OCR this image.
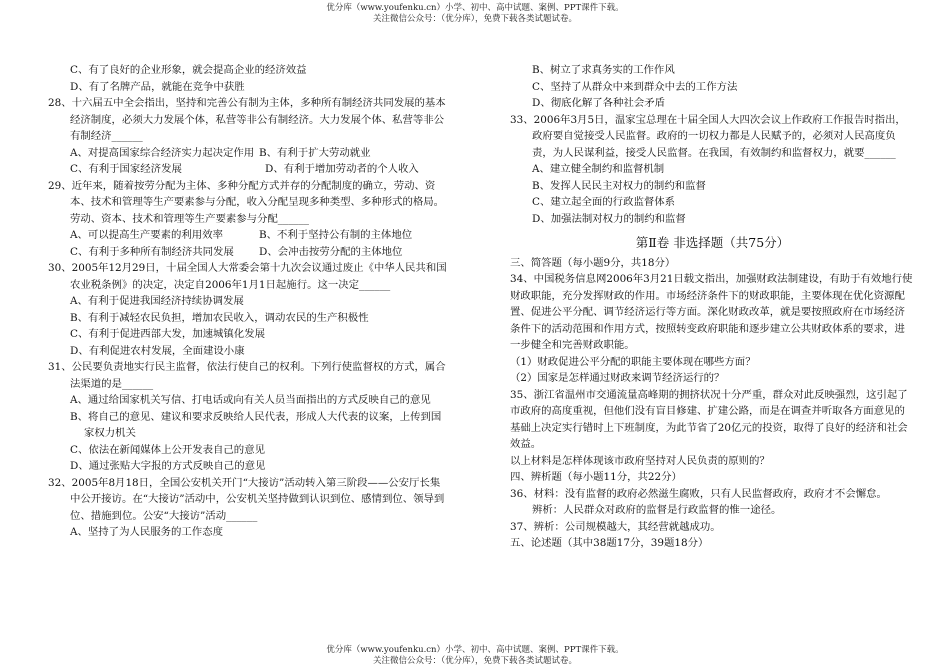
优分库（www.youfenku.cn）小学、初中、高中试题、案例、PPT课件下载。
关注微信公众号：（优分库），免费下载各类试题试卷。

C、有了良好的企业形象，就会提高企业的经济效益

D、有了名牌产品，就能在竞争中获胜

28、十六届五中全会指出，坚持和完善公有制为主体，多种所有制经济共同发展的基本经济制度，必须大力发展个体，私营等非公有制经济。大力发展个体、私营等非公有制经济______

A、对提高国家综合经济实力起决定作用 B、有利于扩大劳动就业
C、有利于国家经济发展	D、有利于增加劳动者的个人收入

29、近年来，随着按劳分配为主体、多种分配方式并存的分配制度的确立，劳动、资本、技术和管理等生产要素参与分配，收入分配呈现多种类型、多种形式的格局。劳动、资本、技术和管理等生产要素参与分配______

A、可以提高生产要素的利用效率	B、不利于坚持公有制的主体地位
C、有利于多种所有制经济共同发展	D、会冲击按劳分配的主体地位

30、2005年12月29日，十届全国人大常委会第十九次会议通过废止《中华人民共和国农业税条例》的决定，决定自2006年1月1日起施行。这一决定______

A、有利于促进我国经济持续协调发展

B、有利于减轻农民负担，增加农民收入，调动农民的生产积极性

C、有利于促进西部大发，加速城镇化发展

D、有利促进农村发展，全面建设小康

31、公民要负责地实行民主监督，依法行使自己的权利。下列行使监督权的方式，属合法渠道的是______

A、通过给国家机关写信、打电话或向有关人员当面指出的方式反映自己的意见

B、将自己的意见、建议和要求反映给人民代表，形成人大代表的议案，上传到国家权力机关

C、依法在新闻媒体上公开发表自己的意见

D、通过张贴大字报的方式反映自己的意见

32、2005年8月18日，全国公安机关开门“大接访”活动转入第三阶段——公安厅长集中公开接访。在“大接访”活动中，公安机关坚持做到认识到位、感情到位、领导到位、措施到位。公安“大接访”活动______

A、坚持了为人民服务的工作态度

B、树立了求真务实的工作作风

C、坚持了从群众中来到群众中去的工作方法

D、彻底化解了各种社会矛盾

33、2006年3月5日，温家宝总理在十届全国人大四次会议上作政府工作报告时指出，政府要自觉接受人民监督。政府的一切权力都是人民赋予的，必须对人民高度负责，为人民谋利益，接受人民监督。在我国，有效制约和监督权力，就要______

A、建立健全制约和监督机制

B、发挥人民民主对权力的制约和监督

C、建立起全面的行政监督体系

D、加强法制对权力的制约和监督

第Ⅱ卷 非选择题（共75分）

三、简答题（每小题9分，共18分）

34、中国税务信息网2006年3月21日载文指出，加强财政法制建设，有助于有效地行使财政职能，充分发挥财政的作用。市场经济条件下的财政职能，主要体现在优化资源配置、促进公平分配、调节经济运行等方面。深化财政改革，就是要按照政府在市场经济条件下的活动范围和作用方式，按照转变政府职能和逐步建立公共财政体系的要求，进一步健全和完善财政职能。

（1）财政促进公平分配的职能主要体现在哪些方面？

（2）国家是怎样通过财政来调节经济运行的？

35、浙江省温州市交通流量高峰期的拥挤状况十分严重，群众对此反映强烈，这引起了市政府的高度重视，但他们没有盲目修建、扩建公路，而是在调查并听取各方面意见的基础上决定实行错时上下班制度，为此节省了20亿元的投资，取得了良好的经济和社会效益。

以上材料是怎样体现该市政府坚持对人民负责的原则的？

四、辨析题（每小题11分，共22分）

36、材料：没有监督的政府必然滋生腐败，只有人民监督政府，政府才不会懈怠。

辨析：人民群众对政府的监督是行政监督的惟一途径。

37、辨析：公司规模越大，其经营就越成功。

五、论述题（其中38题17分，39题18分）

优分库（www.youfenku.cn）小学、初中、高中试题、案例、PPT课件下载。
关注微信公众号：（优分库），免费下载各类试题试卷。
